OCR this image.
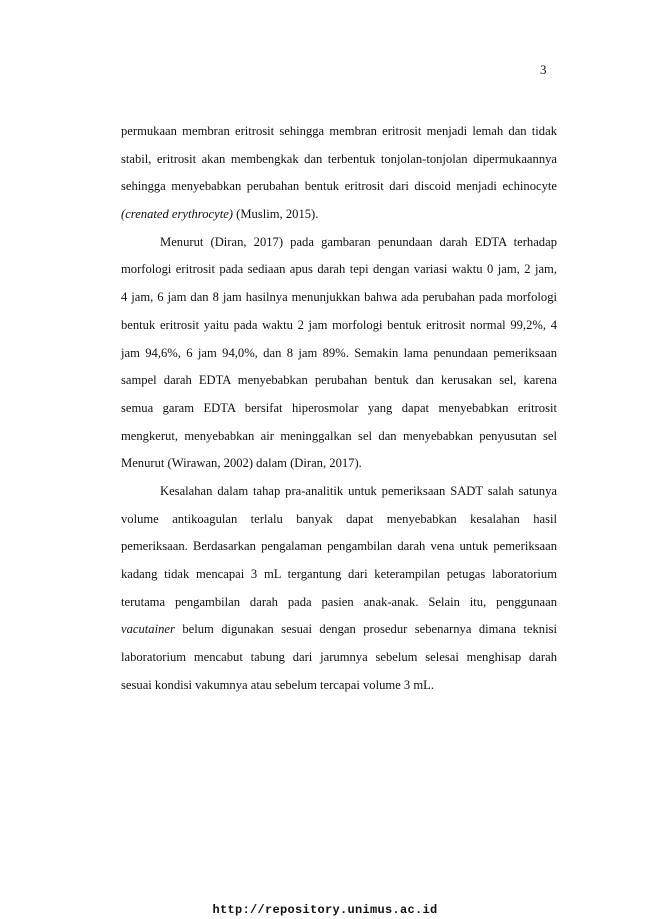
3
permukaan membran eritrosit sehingga membran eritrosit menjadi lemah dan tidak
stabil, eritrosit akan membengkak dan terbentuk tonjolan-tonjolan dipermukaannya
sehingga menyebabkan perubahan bentuk eritrosit dari discoid menjadi echinocyte
(crenated erythrocyte) (Muslim, 2015).
Menurut (Diran, 2017) pada gambaran penundaan darah EDTA terhadap
morfologi eritrosit pada sediaan apus darah tepi dengan variasi waktu 0 jam, 2 jam,
4 jam, 6 jam dan 8 jam hasilnya menunjukkan bahwa ada perubahan pada morfologi
bentuk eritrosit yaitu pada waktu 2 jam morfologi bentuk eritrosit normal 99,2%, 4
jam 94,6%, 6 jam 94,0%, dan 8 jam 89%. Semakin lama penundaan pemeriksaan
sampel darah EDTA menyebabkan perubahan bentuk dan kerusakan sel, karena
semua garam EDTA bersifat hiperosmolar yang dapat menyebabkan eritrosit
mengkerut, menyebabkan air meninggalkan sel dan menyebabkan penyusutan sel
Menurut (Wirawan, 2002) dalam (Diran, 2017).
Kesalahan dalam tahap pra-analitik untuk pemeriksaan SADT salah satunya
volume antikoagulan terlalu banyak dapat menyebabkan kesalahan hasil
pemeriksaan. Berdasarkan pengalaman pengambilan darah vena untuk pemeriksaan
kadang tidak mencapai 3 mL tergantung dari keterampilan petugas laboratorium
terutama pengambilan darah pada pasien anak-anak. Selain itu, penggunaan
vacutainer belum digunakan sesuai dengan prosedur sebenarnya dimana teknisi
laboratorium mencabut tabung dari jarumnya sebelum selesai menghisap darah
sesuai kondisi vakumnya atau sebelum tercapai volume 3 mL.
http://repository.unimus.ac.id
